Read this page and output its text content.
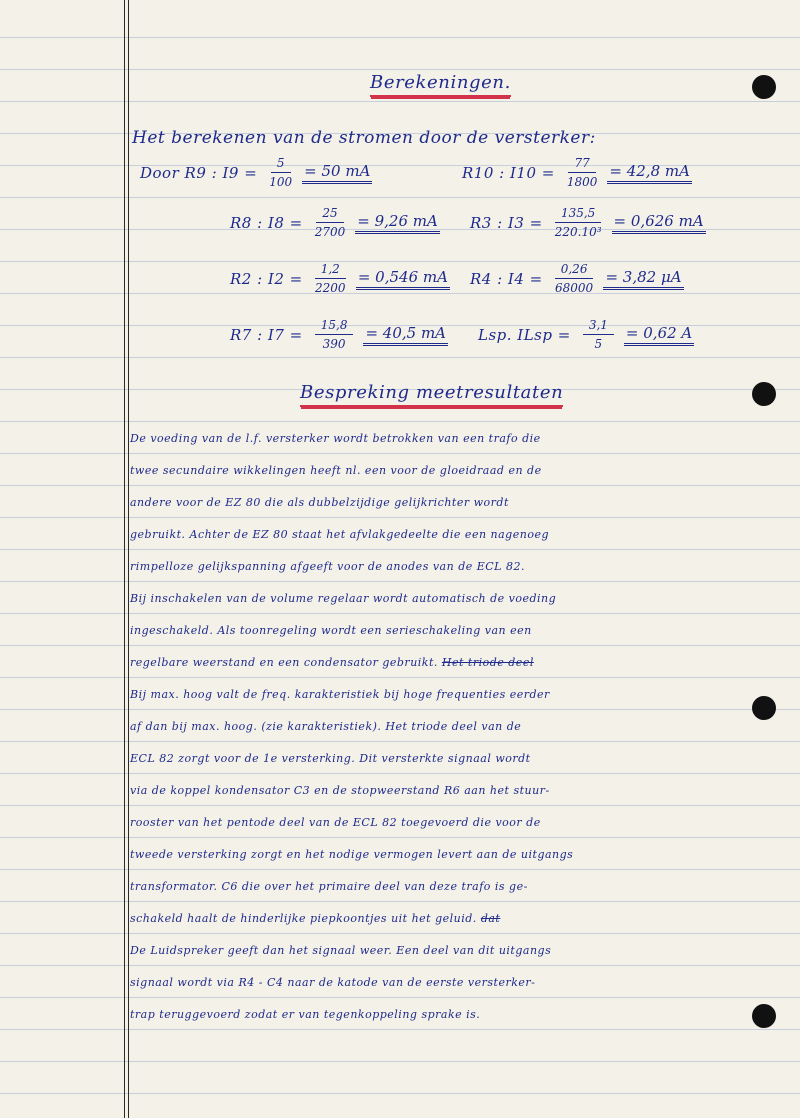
Berekeningen.
Het berekenen van de stromen door de versterker:
Door R9 : $I9 = \frac{5}{100} = 50$ mA	R10 : $I10 = \frac{77}{1800} = 42,8$ mA
R8 : $I8 = \frac{25}{2700} = 9,26$ mA R3 : $I3 = \frac{135,5}{\text{220.10³}} = 0,626$ mA
R2 : $I2 = \frac{1,2}{2200} = 0,546$ mA R4 : $I4 = \frac{0,26}{68000} = 3,82$ μA
R7 : $I7 = \frac{15,8}{390} = 40,5$ mA Lsp. ILsp = $\frac{3,1}{5} = 0,62$ A
Bespreking meetresultaten
De voeding van de l.f. versterker wordt betrokken van een trafo die
twee secundaire wikkelingen heeft nl. een voor de gloeidraad en de
andere voor de EZ 80 die als dubbelzijdige gelijkrichter wordt
gebruikt. Achter de EZ 80 staat het afvlakgedeelte die een nagenoeg
rimpelloze gelijkspanning afgeeft voor de anodes van de ECL 82.
Bij inschakelen van de volume regelaar wordt automatisch de voeding
ingeschakeld. Als toonregeling wordt een serieschakeling van een
regelbare weerstand en een condensator gebruikt. Het triode deel
Bij max. hoog valt de freq. karakteristiek bij hoge frequenties eerder
af dan bij max. hoog. (zie karakteristiek). Het triode deel van de
ECL 82 zorgt voor de 1e versterking. Dit versterkte signaal wordt
via de koppel kondensator C3 en de stopweerstand R6 aan het stuur-
rooster van het pentode deel van de ECL 82 toegevoerd die voor de
tweede versterking zorgt en het nodige vermogen levert aan de uitgangs
transformator. C6 die over het primaire deel van deze trafo is ge-
schakeld haalt de hinderlijke piepkoontjes uit het geluid. dat
De Luidspreker geeft dan het signaal weer. Een deel van dit uitgangs
signaal wordt via R4 - C4 naar de katode van de eerste versterker-
trap teruggevoerd zodat er van tegenkoppeling sprake is.
